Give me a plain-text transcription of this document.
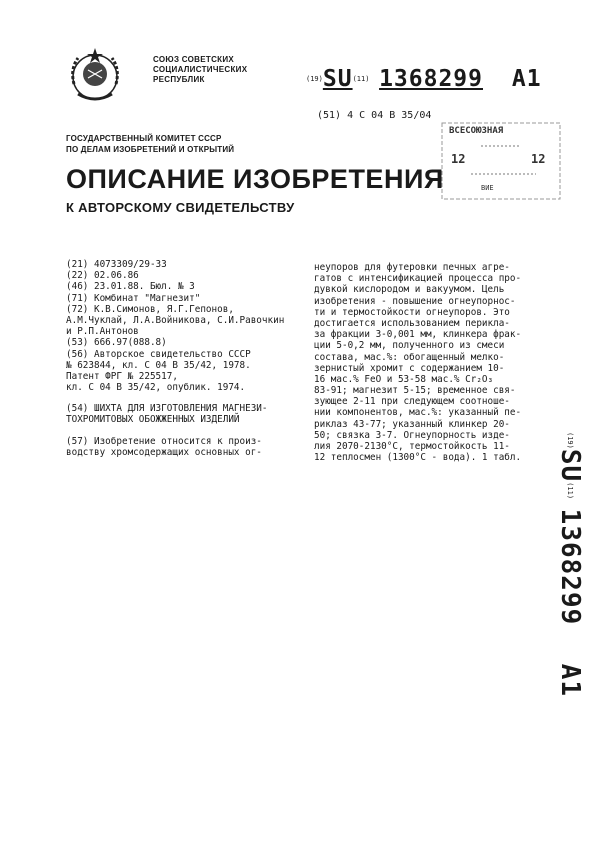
СОЮЗ СОВЕТСКИХ
СОЦИАЛИСТИЧЕСКИХ
РЕСПУБЛИК	(19)SU(11) 1368299 A1
(51) 4 С 04 В 35/04
ГОСУДАРСТВЕННЫЙ КОМИТЕТ СССР
ПО ДЕЛАМ ИЗОБРЕТЕНИЙ И ОТКРЫТИЙ
ВСЕСОЮЗНАЯ
12	12
ВИЕ
ОПИСАНИЕ ИЗОБРЕТЕНИЯ
К АВТОРСКОМУ СВИДЕТЕЛЬСТВУ
(21) 4073309/29-33
(22) 02.06.86
(46) 23.01.88. Бюл. № 3
(71) Комбинат "Магнезит"
(72) К.В.Симонов, Я.Г.Гепонов,
А.М.Чуклай, Л.А.Войникова, С.И.Равочкин
и Р.П.Антонов
(53) 666.97(088.8)
(56) Авторское свидетельство СССР
№ 623844, кл. С 04 В 35/42, 1978.
Патент ФРГ № 225517,
кл. С 04 В 35/42, опублик. 1974.
(54) ШИХТА ДЛЯ ИЗГОТОВЛЕНИЯ МАГНЕЗИ-
ТОХРОМИТОВЫХ ОБОЖЖЕННЫХ ИЗДЕЛИЙ
(57) Изобретение относится к произ-
водству хромсодержащих основных ог-
неупоров для футеровки печных агре-
гатов с интенсификацией процесса про-
дувкой кислородом и вакуумом. Цель
изобретения - повышение огнеупорнос-
ти и термостойкости огнеупоров. Это
достигается использованием перикла-
за фракции 3-0,001 мм, клинкера фрак-
ции 5-0,2 мм, полученного из смеси
состава, мас.%: обогащенный мелко-
зернистый хромит с содержанием 10-
16 мас.% FeO и 53-58 мас.% Cr₂O₃
83-91; магнезит 5-15; временное свя-
зующее 2-11 при следующем соотноше-
нии компонентов, мас.%: указанный пе-
риклаз 43-77; указанный клинкер 20-
50; связка 3-7. Огнеупорность изде-
лия 2070-2130°С, термостойкость 11-
12 теплосмен (1300°С - вода). 1 табл.
(19)SU(11) 1368299    A1
